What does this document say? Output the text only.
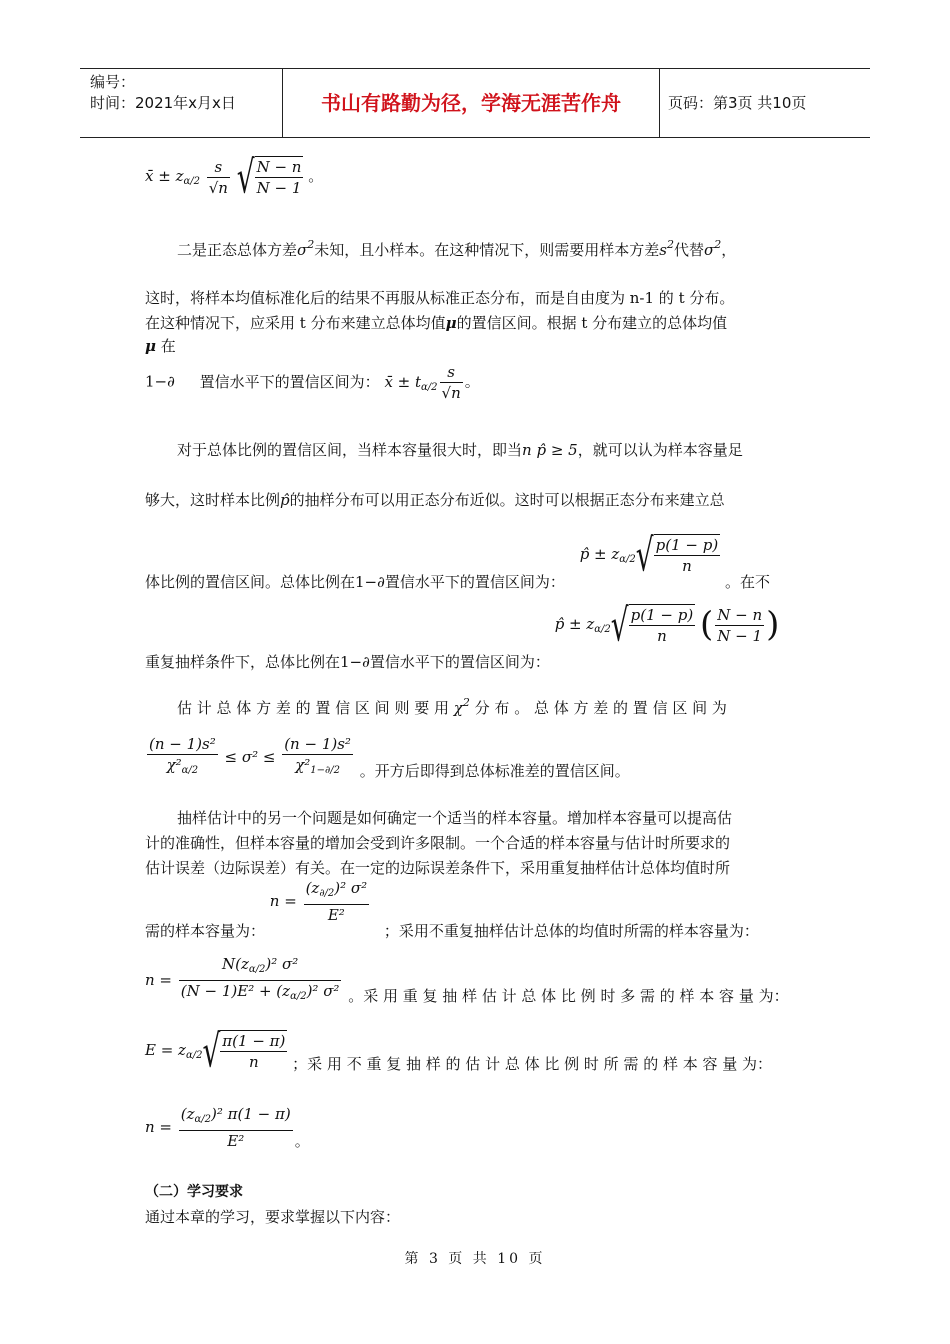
编号：
时间：2021年x月x日	书山有路勤为径，学海无涯苦作舟	页码：第3页 共10页
x̄ ± $z_{\alpha/2} \frac{s}{√n}$ √ $\frac{N - n}{N - 1}$ 。
二是正态总体方差$\sigma^2$未知，且小样本。在这种情况下，则需要用样本方差$s^2$代替$\sigma^2$，
这时，将样本均值标准化后的结果不再服从标准正态分布，而是自由度为 n-1 的 t 分布。
在这种情况下，应采用 t 分布来建立总体均值μ的置信区间。根据 t 分布建立的总体均值
μ 在
1−∂ 置信水平下的置信区间为： x̄ ± $t_{\alpha/2} \frac{s}{√n}$ 。
对于总体比例的置信区间，当样本容量很大时，即当n p̂ ≥ 5，就可以认为样本容量足
够大，这时样本比例p̂的抽样分布可以用正态分布近似。这时可以根据正态分布来建立总
体比例的置信区间。总体比例在1−∂置信水平下的置信区间为： p̂ ± $z_{\alpha/2}√ \frac{p(1 - p)}{n}$
。在不
重复抽样条件下，总体比例在1−∂置信水平下的置信区间为： p̂ ± $z_{\alpha/2}√ \frac{p(1 - p)}{n}$ ( $\frac{N - n}{N - 1}$ )
估 计 总 体 方 差 的 置 信 区 间 则 要 用 $\chi^2$ 分 布 。 总 体 方 差 的 置 信 区 间 为
$\frac{\text{(n − 1)s²}}{\chi^2_{\alpha/2}} \le \sigma^2 \le \frac{\text{(n − 1)s²}}{\chi^2_{1-\partial/2}}$ 。开方后即得到总体标准差的置信区间。
抽样估计中的另一个问题是如何确定一个适当的样本容量。增加样本容量可以提高估
计的准确性，但样本容量的增加会受到许多限制。一个合适的样本容量与估计时所要求的
估计误差（边际误差）有关。在一定的边际误差条件下，采用重复抽样估计总体均值时所
需的样本容量为： $n = \frac{(z_{\partial/2})^2 \sigma^2}{\text{E²}}$
；采用不重复抽样估计总体的均值时所需的样本容量为：
$n = \frac{N(z_{\alpha/2})^2 \sigma^2}{(N - 1)E^2 + (z_{\alpha/2})^2 \sigma^2}$ 。采 用 重 复 抽 样 估 计 总 体 比 例 时 多 需 的 样 本 容 量 为：
$E = z_{\alpha/2}√ \frac{\pi(1 - \pi)}{n}$ ；采 用 不 重 复 抽 样 的 估 计 总 体 比 例 时 所 需 的 样 本 容 量 为：
$n = \frac{(z_{\alpha/2})^2 \pi(1 - \pi)}{\text{E²}}$ 。
（二）学习要求
通过本章的学习，要求掌握以下内容：
第 3 页 共 10 页
